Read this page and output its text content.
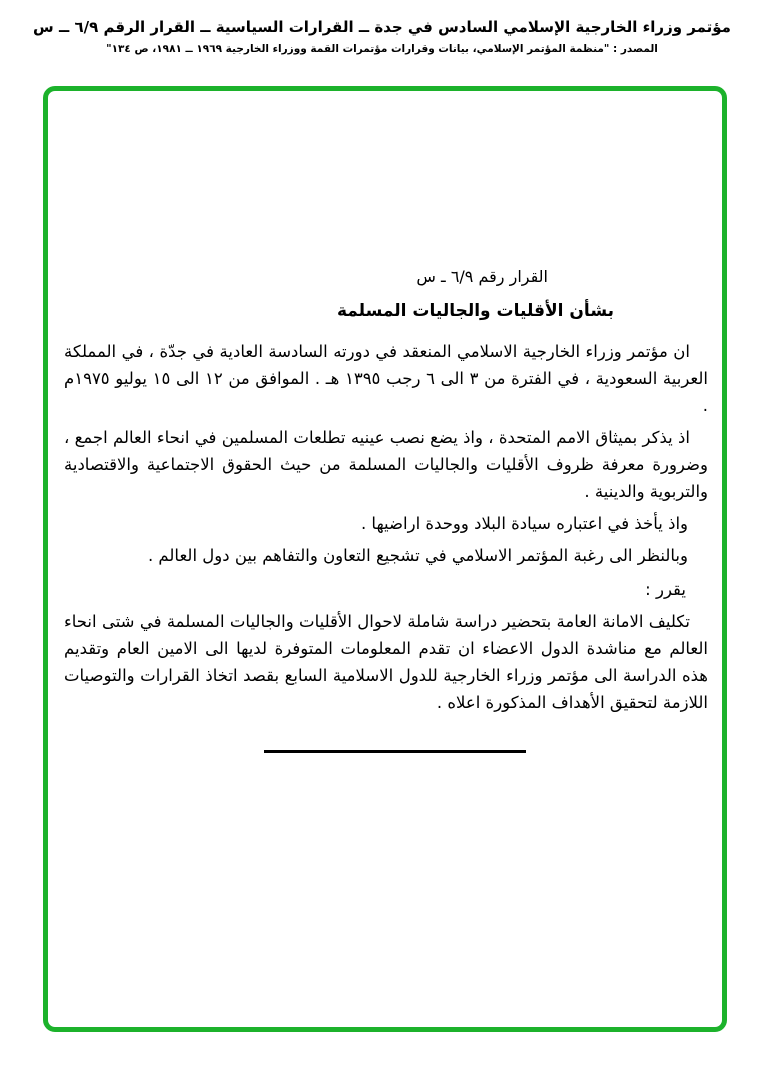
مؤتمر وزراء الخارجية الإسلامي السادس في جدة ــ القرارات السياسية ــ القرار الرقم ٦/٩ ــ س
المصدر : "منظمة المؤتمر الإسلامي، بيانات وقرارات مؤتمرات القمة ووزراء الخارجية ١٩٦٩ ــ ١٩٨١، ص ١٣٤"
القرار رقم ٦/٩ ـ س
بشأن الأقليات والجاليات المسلمة
ان مؤتمر وزراء الخارجية الاسلامي المنعقد في دورته السادسة العادية في جدّة ، في المملكة العربية السعودية ، في الفترة من ٣ الى ٦ رجب ١٣٩٥ هـ . الموافق من ١٢ الى ١٥ يوليو ١٩٧٥م .
اذ يذكر بميثاق الامم المتحدة ، واذ يضع نصب عينيه تطلعات المسلمين في انحاء العالم اجمع ، وضرورة معرفة ظروف الأقليات والجاليات المسلمة من حيث الحقوق الاجتماعية والاقتصادية والتربوية والدينية .
واذ يأخذ في اعتباره سيادة البلاد ووحدة اراضيها .
وبالنظر الى رغبة المؤتمر الاسلامي في تشجيع التعاون والتفاهم بين دول العالم .
يقرر :
تكليف الامانة العامة بتحضير دراسة شاملة لاحوال الأقليات والجاليات المسلمة في شتى انحاء العالم مع مناشدة الدول الاعضاء ان تقدم المعلومات المتوفرة لديها الى الامين العام وتقديم هذه الدراسة الى مؤتمر وزراء الخارجية للدول الاسلامية السابع بقصد اتخاذ القرارات والتوصيات اللازمة لتحقيق الأهداف المذكورة اعلاه .
